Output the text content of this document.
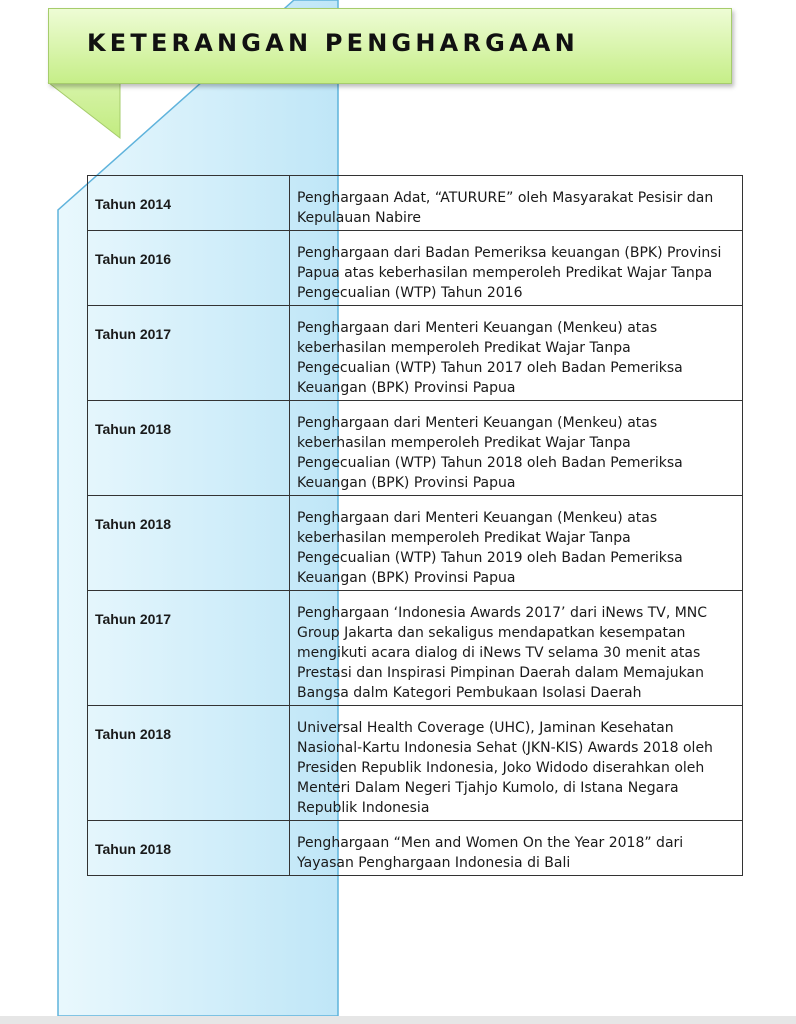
KETERANGAN PENGHARGAAN
Tahun 2014	Penghargaan Adat, “ATURURE” oleh Masyarakat Pesisir dan Kepulauan Nabire
Tahun 2016	Penghargaan dari Badan Pemeriksa keuangan (BPK) Provinsi Papua atas keberhasilan memperoleh Predikat Wajar Tanpa Pengecualian (WTP) Tahun 2016
Tahun 2017	Penghargaan dari Menteri Keuangan (Menkeu) atas keberhasilan memperoleh Predikat Wajar Tanpa Pengecualian (WTP) Tahun 2017 oleh Badan Pemeriksa Keuangan (BPK) Provinsi Papua
Tahun 2018	Penghargaan dari Menteri Keuangan (Menkeu) atas keberhasilan memperoleh Predikat Wajar Tanpa Pengecualian (WTP) Tahun 2018 oleh Badan Pemeriksa Keuangan (BPK) Provinsi Papua
Tahun 2018	Penghargaan dari Menteri Keuangan (Menkeu) atas keberhasilan memperoleh Predikat Wajar Tanpa Pengecualian (WTP) Tahun 2019 oleh Badan Pemeriksa Keuangan (BPK) Provinsi Papua
Tahun 2017	Penghargaan ‘Indonesia Awards 2017’ dari iNews TV, MNC Group Jakarta dan sekaligus mendapatkan kesempatan mengikuti acara dialog di iNews TV selama 30 menit atas Prestasi dan Inspirasi Pimpinan Daerah dalam Memajukan Bangsa dalm Kategori Pembukaan Isolasi Daerah
Tahun 2018	Universal Health Coverage (UHC), Jaminan Kesehatan Nasional-Kartu Indonesia Sehat (JKN-KIS) Awards 2018 oleh Presiden Republik Indonesia, Joko Widodo diserahkan oleh Menteri Dalam Negeri Tjahjo Kumolo, di Istana Negara Republik Indonesia
Tahun 2018	Penghargaan “Men and Women On the Year 2018” dari Yayasan Penghargaan Indonesia di Bali
